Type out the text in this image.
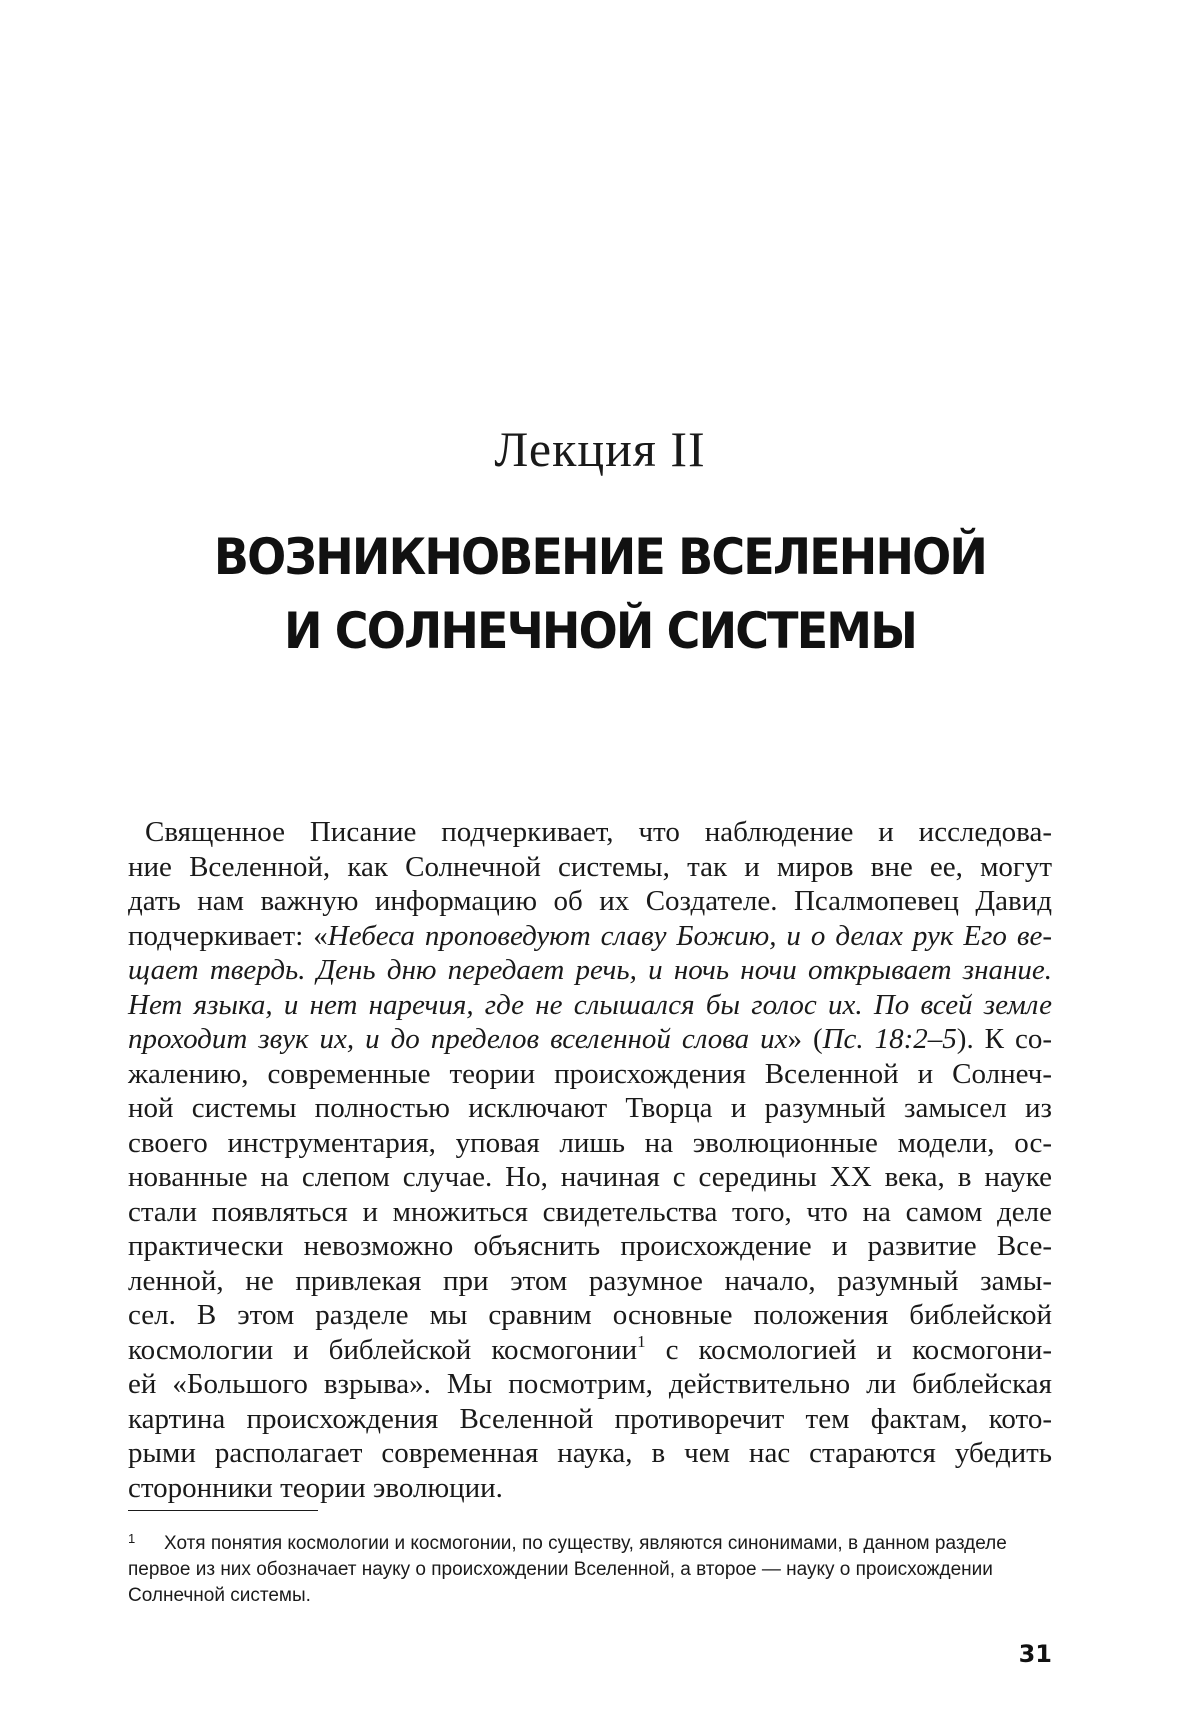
Лекция II
ВОЗНИКНОВЕНИЕ ВСЕЛЕННОЙ
И СОЛНЕЧНОЙ СИСТЕМЫ
Священное Писание подчеркивает, что наблюдение и исследова-
ние Вселенной, как Солнечной системы, так и миров вне ее, могут
дать нам важную информацию об их Создателе. Псалмопевец Давид
подчеркивает: «Небеса проповедуют славу Божию, и о делах рук Его ве-
щает твердь. День дню передает речь, и ночь ночи открывает знание.
Нет языка, и нет наречия, где не слышался бы голос их. По всей земле
проходит звук их, и до пределов вселенной слова их» (Пс. 18:2–5). К со-
жалению, современные теории происхождения Вселенной и Солнеч-
ной системы полностью исключают Творца и разумный замысел из
своего инструментария, уповая лишь на эволюционные модели, ос-
нованные на слепом случае. Но, начиная с середины XX века, в науке
стали появляться и множиться свидетельства того, что на самом деле
практически невозможно объяснить происхождение и развитие Все-
ленной, не привлекая при этом разумное начало, разумный замы-
сел. В этом разделе мы сравним основные положения библейской
космологии и библейской космогонии$^1$ с космологией и космогони-
ей «Большого взрыва». Мы посмотрим, действительно ли библейская
картина происхождения Вселенной противоречит тем фактам, кото-
рыми располагает современная наука, в чем нас стараются убедить
сторонники теории эволюции.
1 Хотя понятия космологии и космогонии, по существу, являются синонимами, в данном разделе
первое из них обозначает науку о происхождении Вселенной, а второе — науку о происхождении
Солнечной системы.
31
